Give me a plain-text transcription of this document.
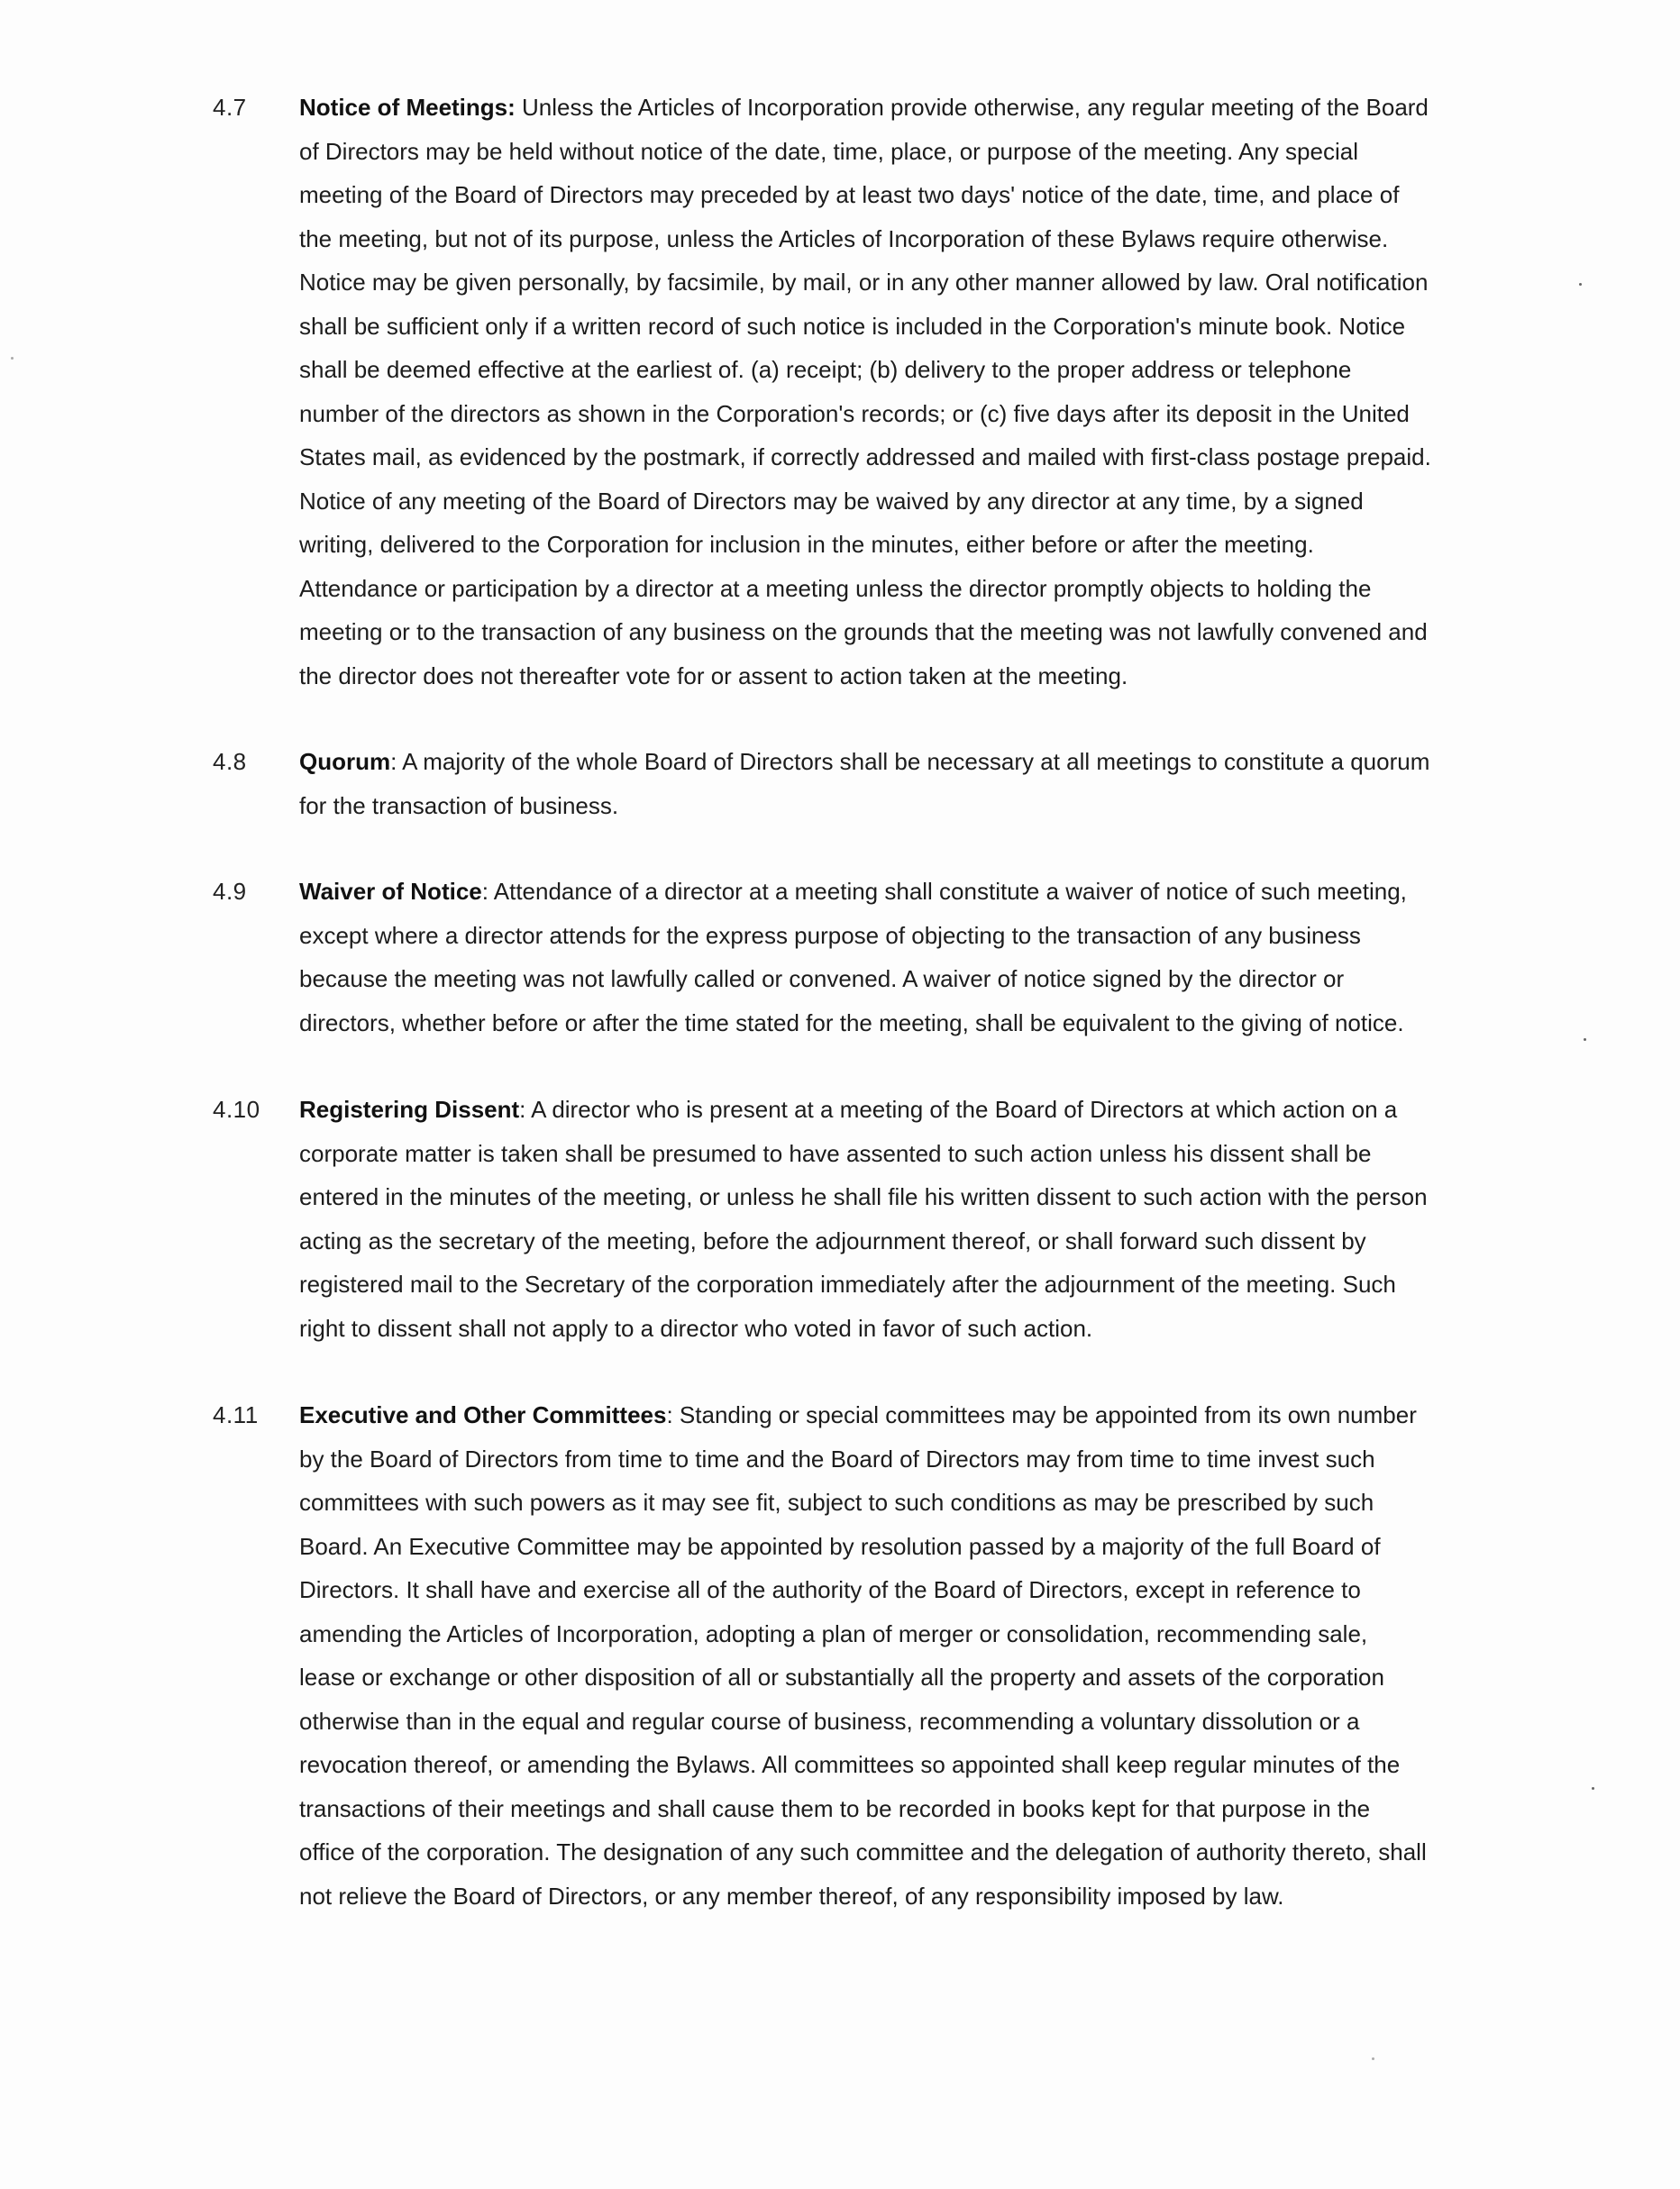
4.7	Notice of Meetings: Unless the Articles of Incorporation provide otherwise, any regular meeting of the Board
of Directors may be held without notice of the date, time, place, or purpose of the meeting. Any special
meeting of the Board of Directors may preceded by at least two days' notice of the date, time, and place of
the meeting, but not of its purpose, unless the Articles of Incorporation of these Bylaws require otherwise.
Notice may be given personally, by facsimile, by mail, or in any other manner allowed by law. Oral notification
shall be sufficient only if a written record of such notice is included in the Corporation's minute book. Notice
shall be deemed effective at the earliest of. (a) receipt; (b) delivery to the proper address or telephone
number of the directors as shown in the Corporation's records; or (c) five days after its deposit in the United
States mail, as evidenced by the postmark, if correctly addressed and mailed with first-class postage prepaid.
Notice of any meeting of the Board of Directors may be waived by any director at any time, by a signed
writing, delivered to the Corporation for inclusion in the minutes, either before or after the meeting.
Attendance or participation by a director at a meeting unless the director promptly objects to holding the
meeting or to the transaction of any business on the grounds that the meeting was not lawfully convened and
the director does not thereafter vote for or assent to action taken at the meeting.
4.8	Quorum: A majority of the whole Board of Directors shall be necessary at all meetings to constitute a quorum
for the transaction of business.
4.9	Waiver of Notice: Attendance of a director at a meeting shall constitute a waiver of notice of such meeting,
except where a director attends for the express purpose of objecting to the transaction of any business
because the meeting was not lawfully called or convened. A waiver of notice signed by the director or
directors, whether before or after the time stated for the meeting, shall be equivalent to the giving of notice.
4.10	Registering Dissent: A director who is present at a meeting of the Board of Directors at which action on a
corporate matter is taken shall be presumed to have assented to such action unless his dissent shall be
entered in the minutes of the meeting, or unless he shall file his written dissent to such action with the person
acting as the secretary of the meeting, before the adjournment thereof, or shall forward such dissent by
registered mail to the Secretary of the corporation immediately after the adjournment of the meeting. Such
right to dissent shall not apply to a director who voted in favor of such action.
4.11	Executive and Other Committees: Standing or special committees may be appointed from its own number
by the Board of Directors from time to time and the Board of Directors may from time to time invest such
committees with such powers as it may see fit, subject to such conditions as may be prescribed by such
Board. An Executive Committee may be appointed by resolution passed by a majority of the full Board of
Directors. It shall have and exercise all of the authority of the Board of Directors, except in reference to
amending the Articles of Incorporation, adopting a plan of merger or consolidation, recommending sale,
lease or exchange or other disposition of all or substantially all the property and assets of the corporation
otherwise than in the equal and regular course of business, recommending a voluntary dissolution or a
revocation thereof, or amending the Bylaws. All committees so appointed shall keep regular minutes of the
transactions of their meetings and shall cause them to be recorded in books kept for that purpose in the
office of the corporation. The designation of any such committee and the delegation of authority thereto, shall
not relieve the Board of Directors, or any member thereof, of any responsibility imposed by law.
